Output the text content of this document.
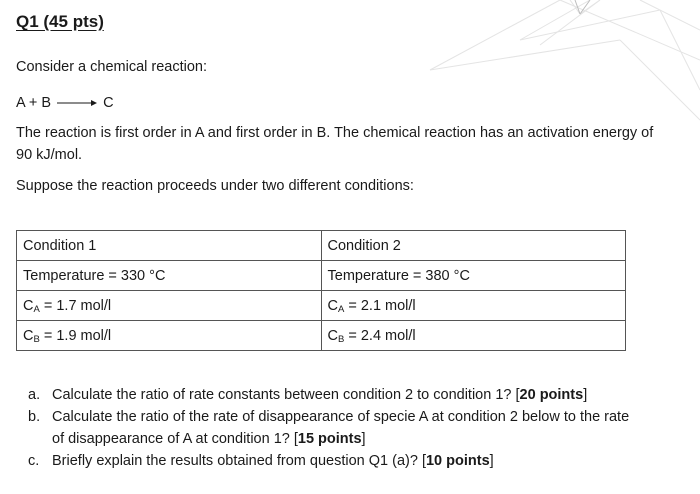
Q1 (45 pts)
Consider a chemical reaction:
A + B → C
The reaction is first order in A and first order in B. The chemical reaction has an activation energy of 90 kJ/mol.
Suppose the reaction proceeds under two different conditions:
Condition 1	Condition 2
Temperature = 330 °C	Temperature = 380 °C
CA = 1.7 mol/l	CA = 2.1 mol/l
CB = 1.9 mol/l	CB = 2.4 mol/l
a. Calculate the ratio of rate constants between condition 2 to condition 1? [20 points]
b. Calculate the ratio of the rate of disappearance of specie A at condition 2 below to the rate of disappearance of A at condition 1? [15 points]
c. Briefly explain the results obtained from question Q1 (a)? [10 points]
